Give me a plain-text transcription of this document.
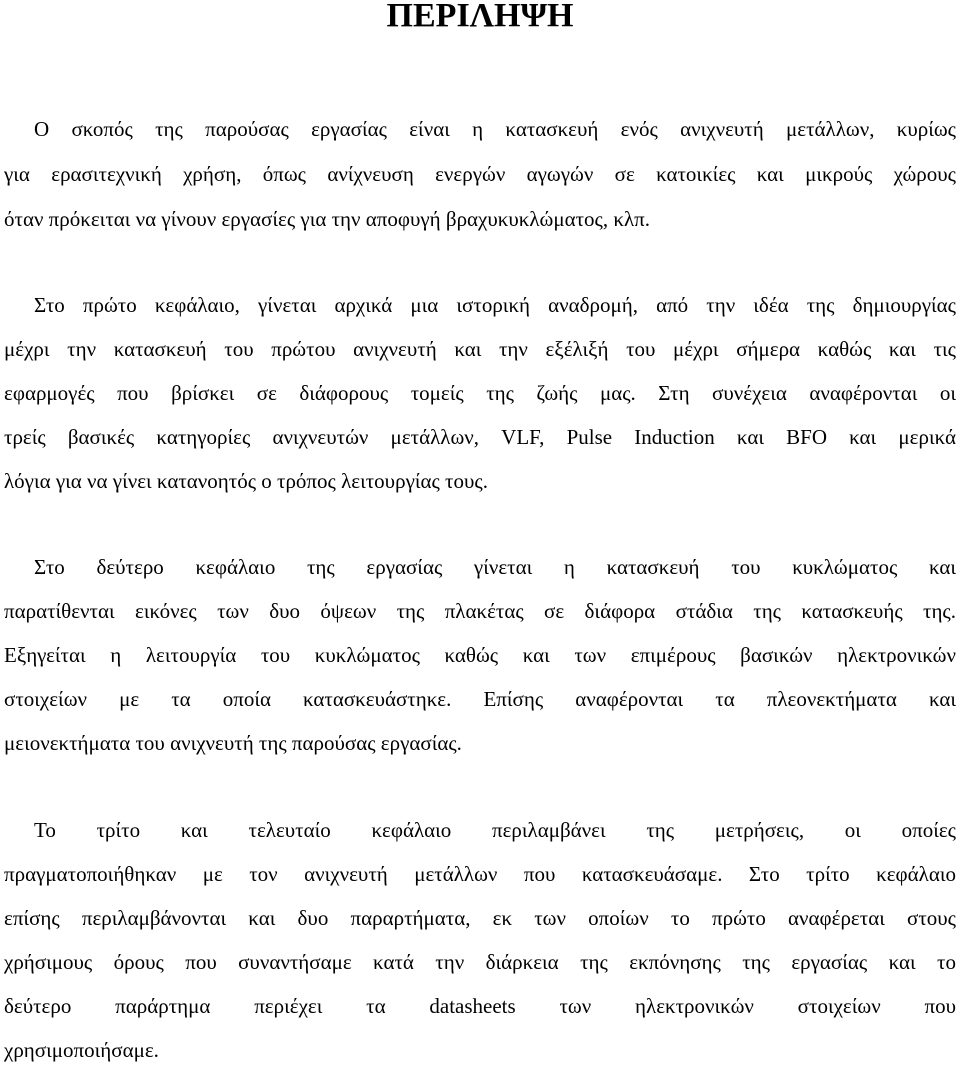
ΠΕΡΙΛΗΨΗ
Ο σκοπός της παρούσας εργασίας είναι η κατασκευή ενός ανιχνευτή μετάλλων, κυρίως
για ερασιτεχνική χρήση, όπως ανίχνευση ενεργών αγωγών σε κατοικίες και μικρούς χώρους
όταν πρόκειται να γίνουν εργασίες για την αποφυγή βραχυκυκλώματος, κλπ.
Στο πρώτο κεφάλαιο, γίνεται αρχικά μια ιστορική αναδρομή, από την ιδέα της δημιουργίας
μέχρι την κατασκευή του πρώτου ανιχνευτή και την εξέλιξή του μέχρι σήμερα καθώς και τις
εφαρμογές που βρίσκει σε διάφορους τομείς της ζωής μας. Στη συνέχεια αναφέρονται οι
τρείς βασικές κατηγορίες ανιχνευτών μετάλλων, VLF, Pulse Induction και BFO και μερικά
λόγια για να γίνει κατανοητός ο τρόπος λειτουργίας τους.
Στο δεύτερο κεφάλαιο της εργασίας γίνεται η κατασκευή του κυκλώματος και
παρατίθενται εικόνες των δυο όψεων της πλακέτας σε διάφορα στάδια της κατασκευής της.
Εξηγείται η λειτουργία του κυκλώματος καθώς και των επιμέρους βασικών ηλεκτρονικών
στοιχείων με τα οποία κατασκευάστηκε. Επίσης αναφέρονται τα πλεονεκτήματα και
μειονεκτήματα του ανιχνευτή της παρούσας εργασίας.
Το τρίτο και τελευταίο κεφάλαιο περιλαμβάνει της μετρήσεις, οι οποίες
πραγματοποιήθηκαν με τον ανιχνευτή μετάλλων που κατασκευάσαμε. Στο τρίτο κεφάλαιο
επίσης περιλαμβάνονται και δυο παραρτήματα, εκ των οποίων το πρώτο αναφέρεται στους
χρήσιμους όρους που συναντήσαμε κατά την διάρκεια της εκπόνησης της εργασίας και το
δεύτερο παράρτημα περιέχει τα datasheets των ηλεκτρονικών στοιχείων που
χρησιμοποιήσαμε.
